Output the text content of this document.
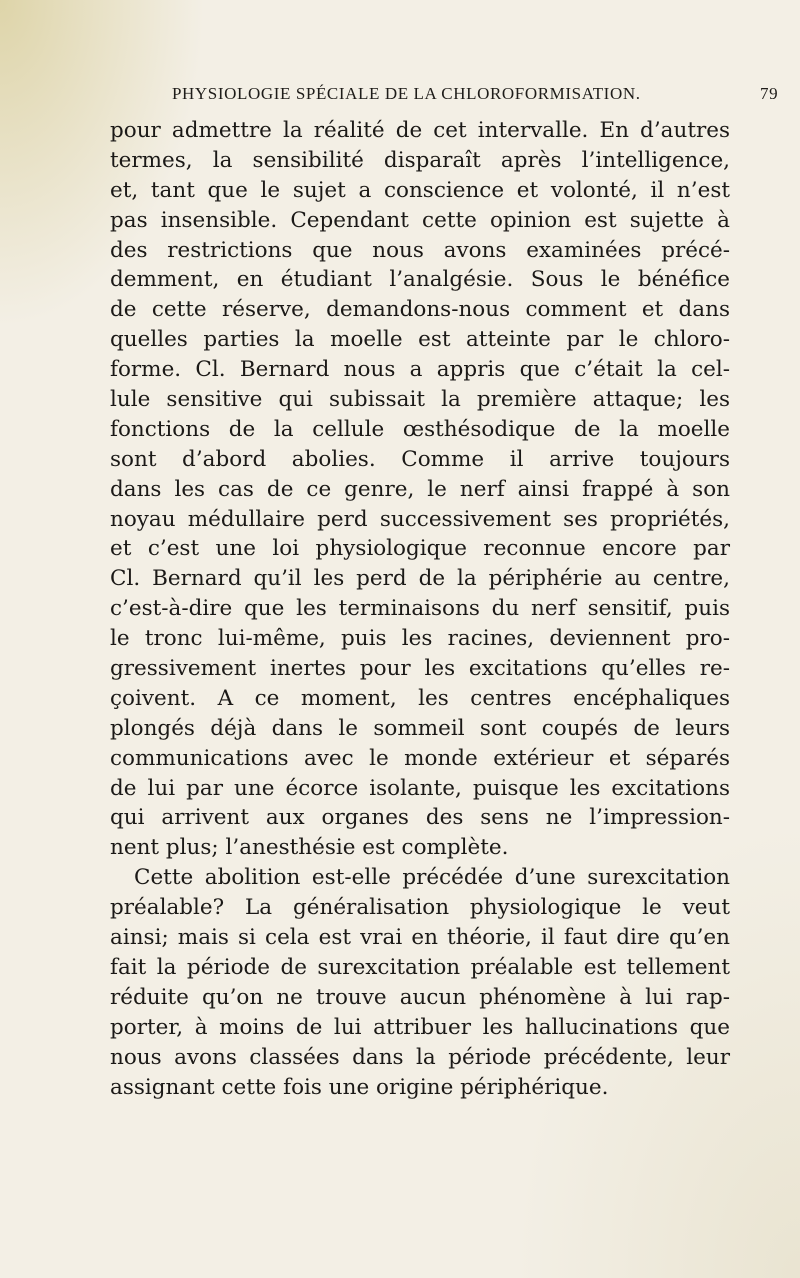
PHYSIOLOGIE SPÉCIALE DE LA CHLOROFORMISATION.	79
pour admettre la réalité de cet intervalle. En d’autres
termes, la sensibilité disparaît après l’intelligence,
et, tant que le sujet a conscience et volonté, il n’est
pas insensible. Cependant cette opinion est sujette à
des restrictions que nous avons examinées précé-
demment, en étudiant l’analgésie. Sous le bénéfice
de cette réserve, demandons-nous comment et dans
quelles parties la moelle est atteinte par le chloro-
forme. Cl. Bernard nous a appris que c’était la cel-
lule sensitive qui subissait la première attaque; les
fonctions de la cellule œsthésodique de la moelle
sont d’abord abolies. Comme il arrive toujours
dans les cas de ce genre, le nerf ainsi frappé à son
noyau médullaire perd successivement ses propriétés,
et c’est une loi physiologique reconnue encore par
Cl. Bernard qu’il les perd de la périphérie au centre,
c’est-à-dire que les terminaisons du nerf sensitif, puis
le tronc lui-même, puis les racines, deviennent pro-
gressivement inertes pour les excitations qu’elles re-
çoivent. A ce moment, les centres encéphaliques
plongés déjà dans le sommeil sont coupés de leurs
communications avec le monde extérieur et séparés
de lui par une écorce isolante, puisque les excitations
qui arrivent aux organes des sens ne l’impression-
nent plus; l’anesthésie est complète.
Cette abolition est-elle précédée d’une surexcitation
préalable? La généralisation physiologique le veut
ainsi; mais si cela est vrai en théorie, il faut dire qu’en
fait la période de surexcitation préalable est tellement
réduite qu’on ne trouve aucun phénomène à lui rap-
porter, à moins de lui attribuer les hallucinations que
nous avons classées dans la période précédente, leur
assignant cette fois une origine périphérique.
